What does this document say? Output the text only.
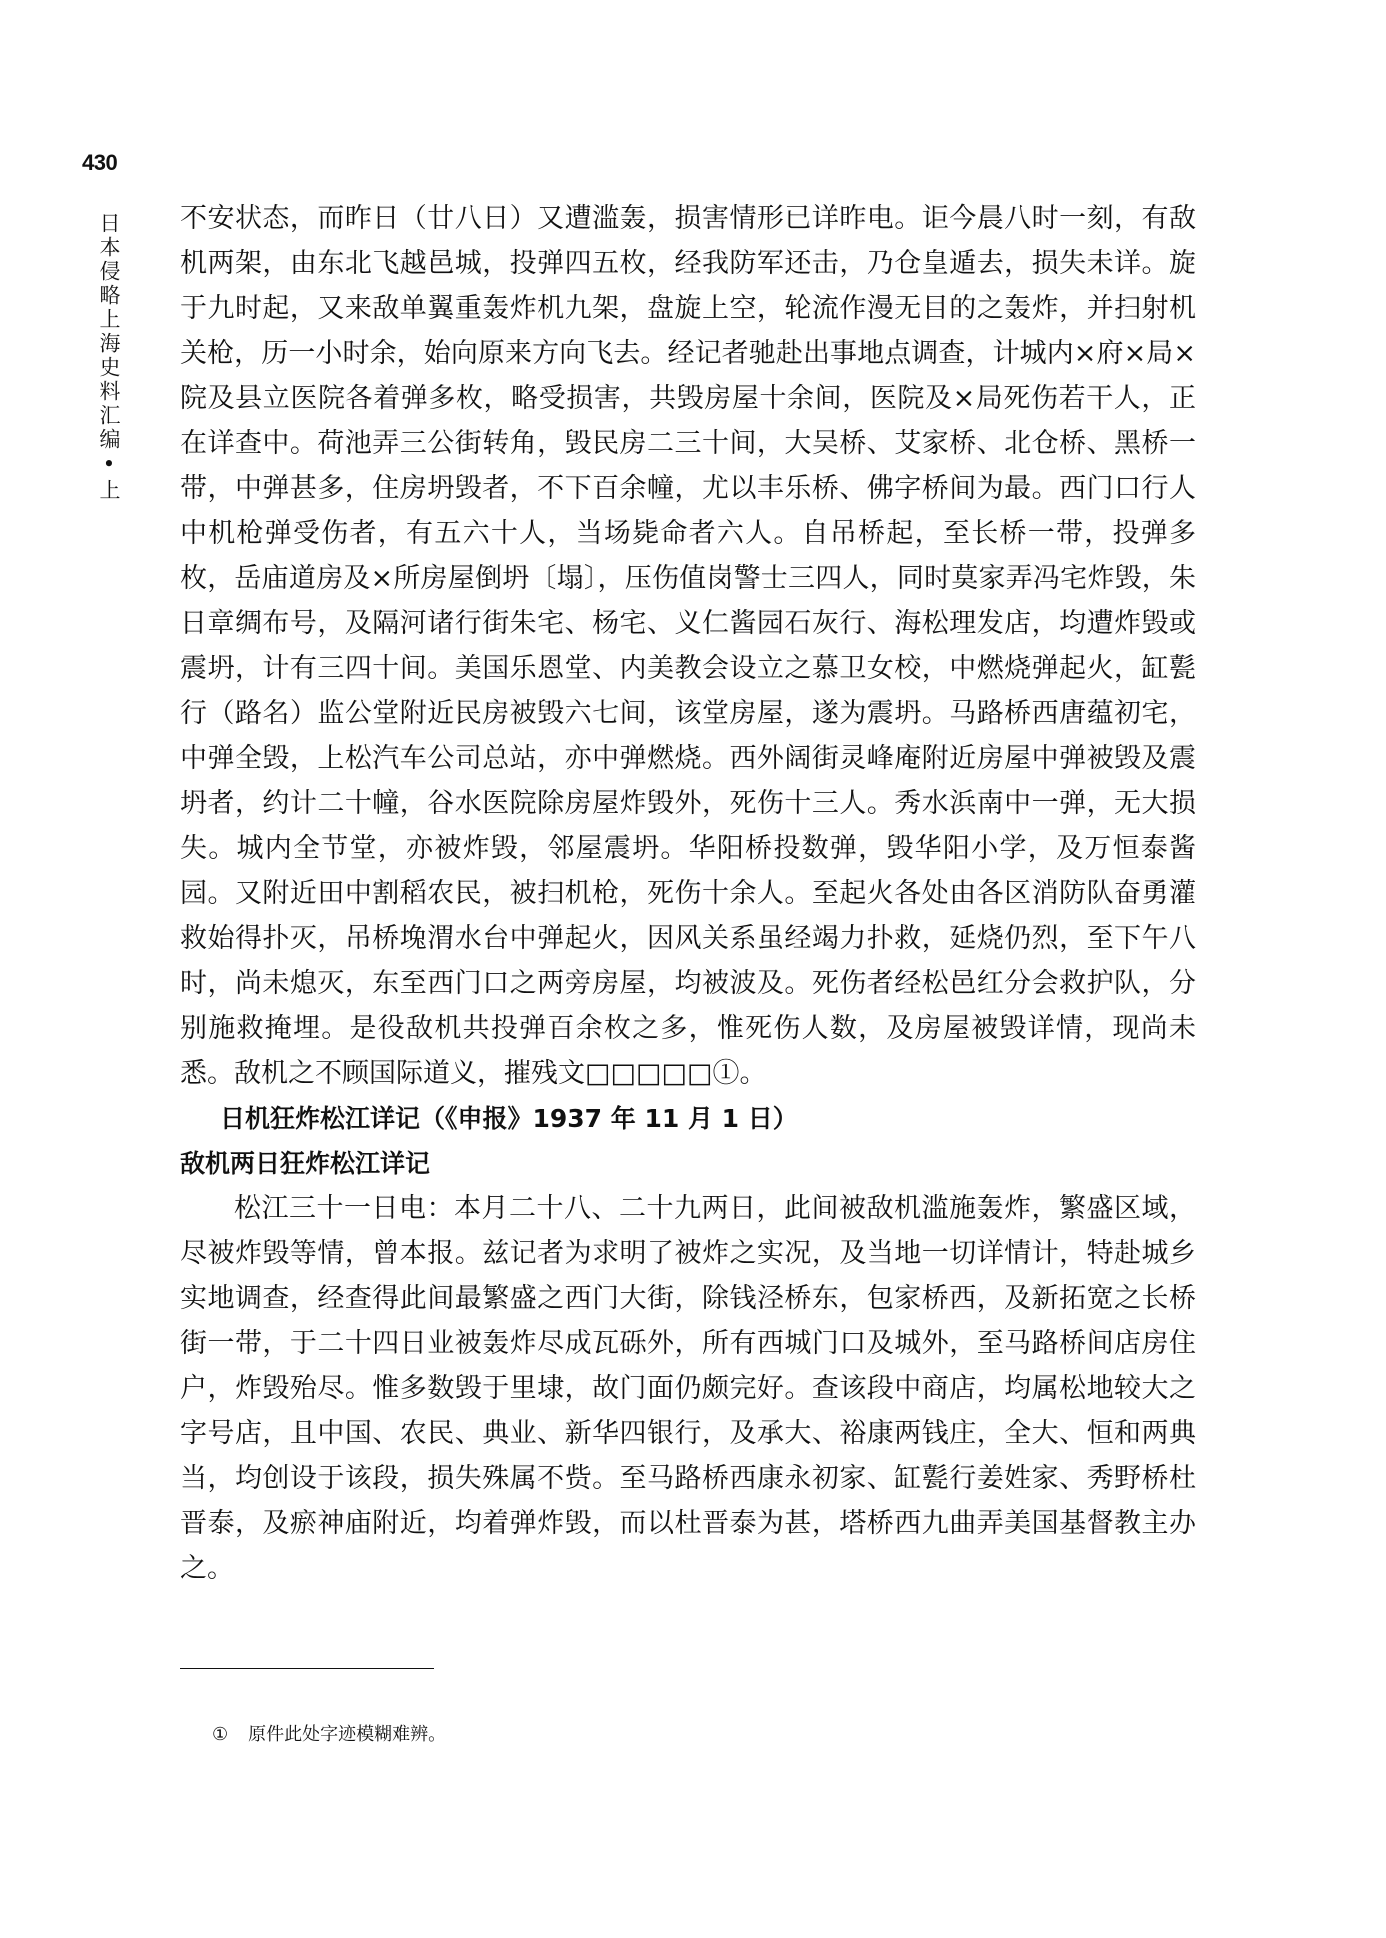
430
日本侵略上海史料汇编•上 不安状态，而昨日（廿八日）又遭滥轰，损害情形已详昨电。讵今晨八时一刻，有敌机两架，由东北飞越邑城，投弹四五枚，经我防军还击，乃仓皇遁去，损失未详。旋于九时起，又来敌单翼重轰炸机九架，盘旋上空，轮流作漫无目的之轰炸，并扫射机关枪，历一小时余，始向原来方向飞去。经记者驰赴出事地点调查，计城内×府×局×院及县立医院各着弹多枚，略受损害，共毁房屋十余间，医院及×局死伤若干人，正在详查中。荷池弄三公街转角，毁民房二三十间，大吴桥、艾家桥、北仓桥、黑桥一带，中弹甚多，住房坍毁者，不下百余幢，尤以丰乐桥、佛字桥间为最。西门口行人中机枪弹受伤者，有五六十人，当场毙命者六人。自吊桥起，至长桥一带，投弹多枚，岳庙道房及×所房屋倒坍〔塌〕，压伤值岗警士三四人，同时莫家弄冯宅炸毁，朱日章绸布号，及隔河诸行街朱宅、杨宅、义仁酱园石灰行、海松理发店，均遭炸毁或震坍，计有三四十间。美国乐恩堂、内美教会设立之慕卫女校，中燃烧弹起火，缸甏行（路名）监公堂附近民房被毁六七间，该堂房屋，遂为震坍。马路桥西唐蕴初宅，中弹全毁，上松汽车公司总站，亦中弹燃烧。西外阔街灵峰庵附近房屋中弹被毁及震坍者，约计二十幢，谷水医院除房屋炸毁外，死伤十三人。秀水浜南中一弹，无大损失。城内全节堂，亦被炸毁，邻屋震坍。华阳桥投数弹，毁华阳小学，及万恒泰酱园。又附近田中割稻农民，被扫机枪，死伤十余人。至起火各处由各区消防队奋勇灌救始得扑灭，吊桥堍渭水台中弹起火，因风关系虽经竭力扑救，延烧仍烈，至下午八时，尚未熄灭，东至西门口之两旁房屋，均被波及。死伤者经松邑红分会救护队，分别施救掩埋。是役敌机共投弹百余枚之多，惟死伤人数，及房屋被毁详情，现尚未悉。敌机之不顾国际道义，摧残文□□□□□①。

日机狂炸松江详记（《申报》1937 年 11 月 1 日）

敌机两日狂炸松江详记

松江三十一日电：本月二十八、二十九两日，此间被敌机滥施轰炸，繁盛区域，尽被炸毁等情，曾本报。兹记者为求明了被炸之实况，及当地一切详情计，特赴城乡实地调查，经查得此间最繁盛之西门大街，除钱泾桥东，包家桥西，及新拓宽之长桥街一带，于二十四日业被轰炸尽成瓦砾外，所有西城门口及城外，至马路桥间店房住户，炸毁殆尽。惟多数毁于里埭，故门面仍颇完好。查该段中商店，均属松地较大之字号店，且中国、农民、典业、新华四银行，及承大、裕康两钱庄，全大、恒和两典当，均创设于该段，损失殊属不赀。至马路桥西康永初家、缸甏行姜姓家、秀野桥杜晋泰，及瘀神庙附近，均着弹炸毁，而以杜晋泰为甚，塔桥西九曲弄美国基督教主办之。

① 原件此处字迹模糊难辨。
